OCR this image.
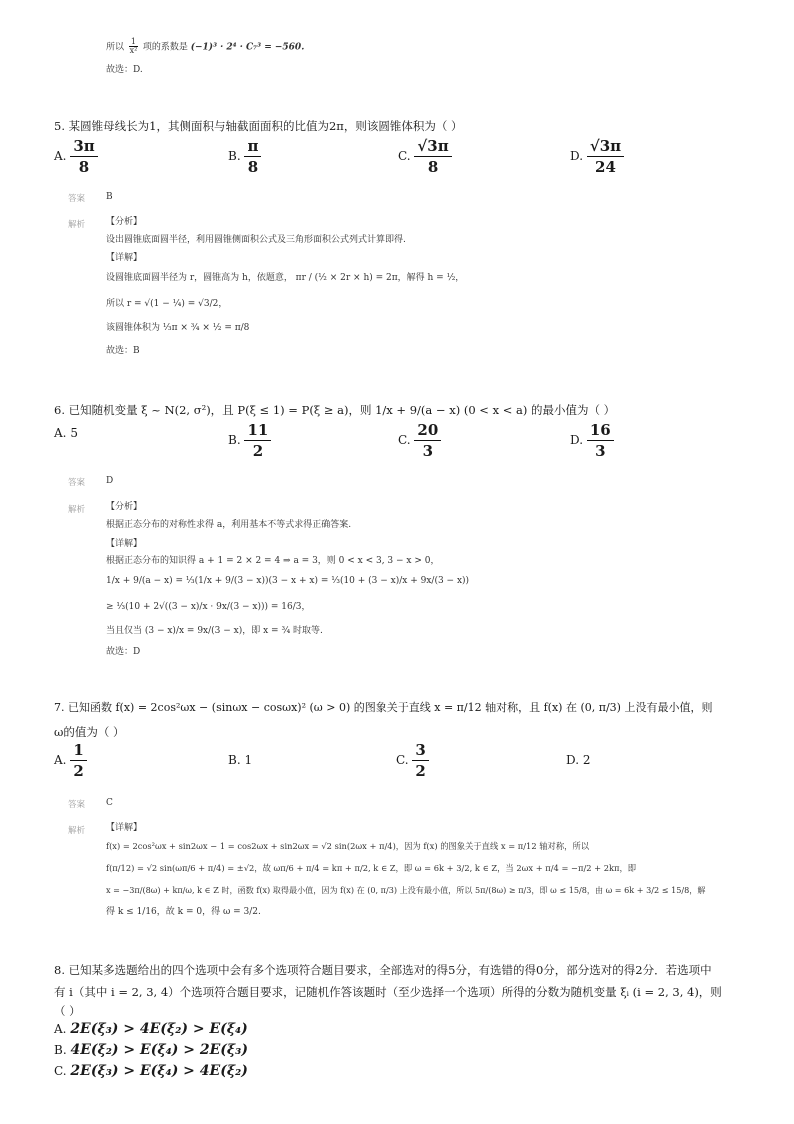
所以 $\frac{1}{\text{x²}}$ 项的系数是 (−1)³ · 2⁴ · C₇³ = −560.
故选：D.
5. 某圆锥母线长为1，其侧面积与轴截面面积的比值为2π，则该圆锥体积为（ ）
A. $\frac{3\pi}{8}$	B. $\frac{\pi}{8}$	C. $\frac{√3\pi}{8}$	D. $\frac{√3\pi}{24}$
答案 B
解析 【分析】
设出圆锥底面圆半径，利用圆锥侧面积公式及三角形面积公式列式计算即得.
【详解】
设圆锥底面圆半径为 r，圆锥高为 h，依题意， πr / (½ × 2r × h) = 2π，解得 h = ½，
所以 r = √(1 − ¼) = √3/2，
该圆锥体积为 ⅓π × ¾ × ½ = π/8
故选：B
6. 已知随机变量 ξ ~ N(2, σ²)，且 P(ξ ≤ 1) = P(ξ ≥ a)，则 1/x + 9/(a − x) (0 < x < a) 的最小值为（ ）
A. 5	B. $\frac{11}{2}$	C. $\frac{20}{3}$	D. $\frac{16}{3}$
答案 D
解析 【分析】
根据正态分布的对称性求得 a，利用基本不等式求得正确答案.
【详解】
根据正态分布的知识得 a + 1 = 2 × 2 = 4 ⇒ a = 3，则 0 < x < 3, 3 − x > 0，
1/x + 9/(a − x) = ⅓(1/x + 9/(3 − x))(3 − x + x) = ⅓(10 + (3 − x)/x + 9x/(3 − x))
≥ ⅓(10 + 2√((3 − x)/x · 9x/(3 − x))) = 16/3，
当且仅当 (3 − x)/x = 9x/(3 − x)，即 x = ¾ 时取等.
故选：D
7. 已知函数 f(x) = 2cos²ωx − (sinωx − cosωx)² (ω > 0) 的图象关于直线 x = π/12 轴对称，且 f(x) 在 (0, π/3) 上没有最小值，则
ω的值为（ ）
A. $\frac{1}{2}$	B. 1	C. $\frac{3}{2}$	D. 2
答案 C
解析 【详解】
f(x) = 2cos²ωx + sin2ωx − 1 = cos2ωx + sin2ωx = √2 sin(2ωx + π/4)，因为 f(x) 的图象关于直线 x = π/12 轴对称，所以
f(π/12) = √2 sin(ωπ/6 + π/4) = ±√2，故 ωπ/6 + π/4 = kπ + π/2, k ∈ Z，即 ω = 6k + 3/2, k ∈ Z，当 2ωx + π/4 = −π/2 + 2kπ，即
x = −3π/(8ω) + kπ/ω, k ∈ Z 时，函数 f(x) 取得最小值，因为 f(x) 在 (0, π/3) 上没有最小值，所以 5π/(8ω) ≥ π/3，即 ω ≤ 15/8，由 ω = 6k + 3/2 ≤ 15/8，解
得 k ≤ 1/16，故 k = 0，得 ω = 3/2.
8. 已知某多选题给出的四个选项中会有多个选项符合题目要求，全部选对的得5分，有选错的得0分，部分选对的得2分．若选项中
有 i（其中 i = 2, 3, 4）个选项符合题目要求，记随机作答该题时（至少选择一个选项）所得的分数为随机变量 ξᵢ (i = 2, 3, 4)，则
（ ）
A. 2E(ξ₃) > 4E(ξ₂) > E(ξ₄)
B. 4E(ξ₂) > E(ξ₄) > 2E(ξ₃)
C. 2E(ξ₃) > E(ξ₄) > 4E(ξ₂)
